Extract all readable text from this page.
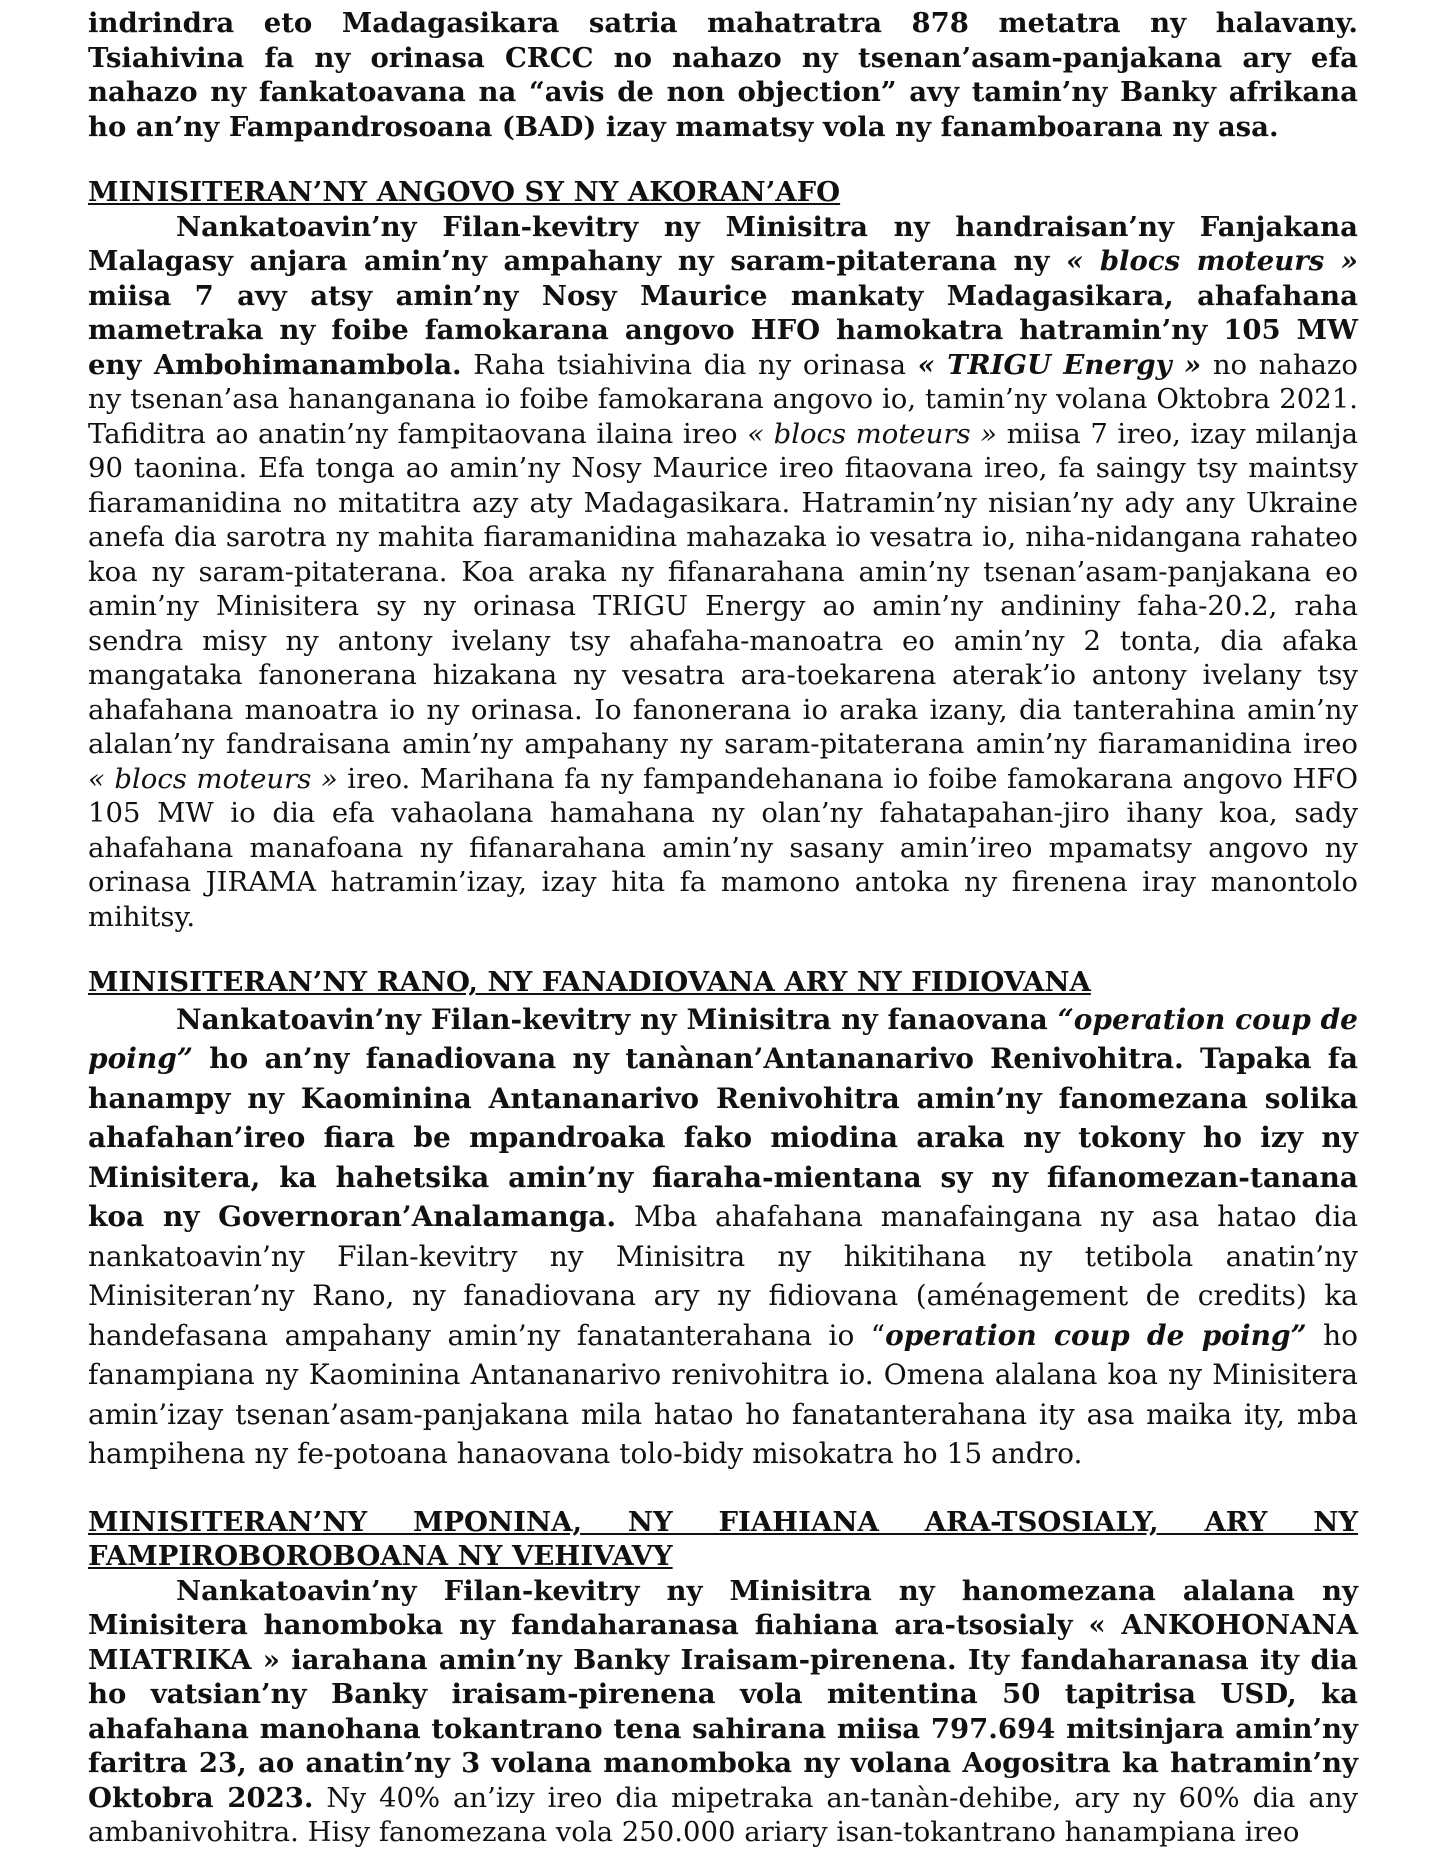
indrindra eto Madagasikara satria mahatratra 878 metatra ny halavany. Tsiahivina fa ny orinasa CRCC no nahazo ny tsenan’asam-panjakana ary efa nahazo ny fankatoavana na “avis de non objection” avy tamin’ny Banky afrikana ho an’ny Fampandrosoana (BAD) izay mamatsy vola ny fanamboarana ny asa.

MINISITERAN’NY ANGOVO SY NY AKORAN’AFO

Nankatoavin’ny Filan-kevitry ny Minisitra ny handraisan’ny Fanjakana Malagasy anjara amin’ny ampahany ny saram-pitaterana ny « blocs moteurs » miisa 7 avy atsy amin’ny Nosy Maurice mankaty Madagasikara, ahafahana mametraka ny foibe famokarana angovo HFO hamokatra hatramin’ny 105 MW eny Ambohimanambola. Raha tsiahivina dia ny orinasa « TRIGU Energy » no nahazo ny tsenan’asa hananganana io foibe famokarana angovo io, tamin’ny volana Oktobra 2021. Tafiditra ao anatin’ny fampitaovana ilaina ireo « blocs moteurs » miisa 7 ireo, izay milanja 90 taonina. Efa tonga ao amin’ny Nosy Maurice ireo fitaovana ireo, fa saingy tsy maintsy fiaramanidina no mitatitra azy aty Madagasikara. Hatramin’ny nisian’ny ady any Ukraine anefa dia sarotra ny mahita fiaramanidina mahazaka io vesatra io, niha-nidangana rahateo koa ny saram-pitaterana. Koa araka ny fifanarahana amin’ny tsenan’asam-panjakana eo amin’ny Minisitera sy ny orinasa TRIGU Energy ao amin’ny andininy faha-20.2, raha sendra misy ny antony ivelany tsy ahafaha-manoatra eo amin’ny 2 tonta, dia afaka mangataka fanonerana hizakana ny vesatra ara-toekarena aterak’io antony ivelany tsy ahafahana manoatra io ny orinasa. Io fanonerana io araka izany, dia tanterahina amin’ny alalan’ny fandraisana amin’ny ampahany ny saram-pitaterana amin’ny fiaramanidina ireo « blocs moteurs » ireo. Marihana fa ny fampandehanana io foibe famokarana angovo HFO 105 MW io dia efa vahaolana hamahana ny olan’ny fahatapahan-jiro ihany koa, sady ahafahana manafoana ny fifanarahana amin’ny sasany amin’ireo mpamatsy angovo ny orinasa JIRAMA hatramin’izay, izay hita fa mamono antoka ny firenena iray manontolo mihitsy.

MINISITERAN’NY RANO, NY FANADIOVANA ARY NY FIDIOVANA

Nankatoavin’ny Filan-kevitry ny Minisitra ny fanaovana “operation coup de poing” ho an’ny fanadiovana ny tanànan’Antananarivo Renivohitra. Tapaka fa hanampy ny Kaominina Antananarivo Renivohitra amin’ny fanomezana solika ahafahan’ireo fiara be mpandroaka fako miodina araka ny tokony ho izy ny Minisitera, ka hahetsika amin’ny fiaraha-mientana sy ny fifanomezan-tanana koa ny Governoran’Analamanga. Mba ahafahana manafaingana ny asa hatao dia nankatoavin’ny Filan-kevitry ny Minisitra ny hikitihana ny tetibola anatin’ny Minisiteran’ny Rano, ny fanadiovana ary ny fidiovana (aménagement de credits) ka handefasana ampahany amin’ny fanatanterahana io “operation coup de poing” ho fanampiana ny Kaominina Antananarivo renivohitra io. Omena alalana koa ny Minisitera amin’izay tsenan’asam-panjakana mila hatao ho fanatanterahana ity asa maika ity, mba hampihena ny fe-potoana hanaovana tolo-bidy misokatra ho 15 andro.

MINISITERAN’NY MPONINA, NY FIAHIANA ARA-TSOSIALY, ARY NY FAMPIROBOROBOANA NY VEHIVAVY

Nankatoavin’ny Filan-kevitry ny Minisitra ny hanomezana alalana ny Minisitera hanomboka ny fandaharanasa fiahiana ara-tsosialy « ANKOHONANA MIATRIKA » iarahana amin’ny Banky Iraisam-pirenena. Ity fandaharanasa ity dia ho vatsian’ny Banky iraisam-pirenena vola mitentina 50 tapitrisa USD, ka ahafahana manohana tokantrano tena sahirana miisa 797.694 mitsinjara amin’ny faritra 23, ao anatin’ny 3 volana manomboka ny volana Aogositra ka hatramin’ny Oktobra 2023. Ny 40% an’izy ireo dia mipetraka an-tanàn-dehibe, ary ny 60% dia any ambanivohitra. Hisy fanomezana vola 250.000 ariary isan-tokantrano hanampiana ireo
